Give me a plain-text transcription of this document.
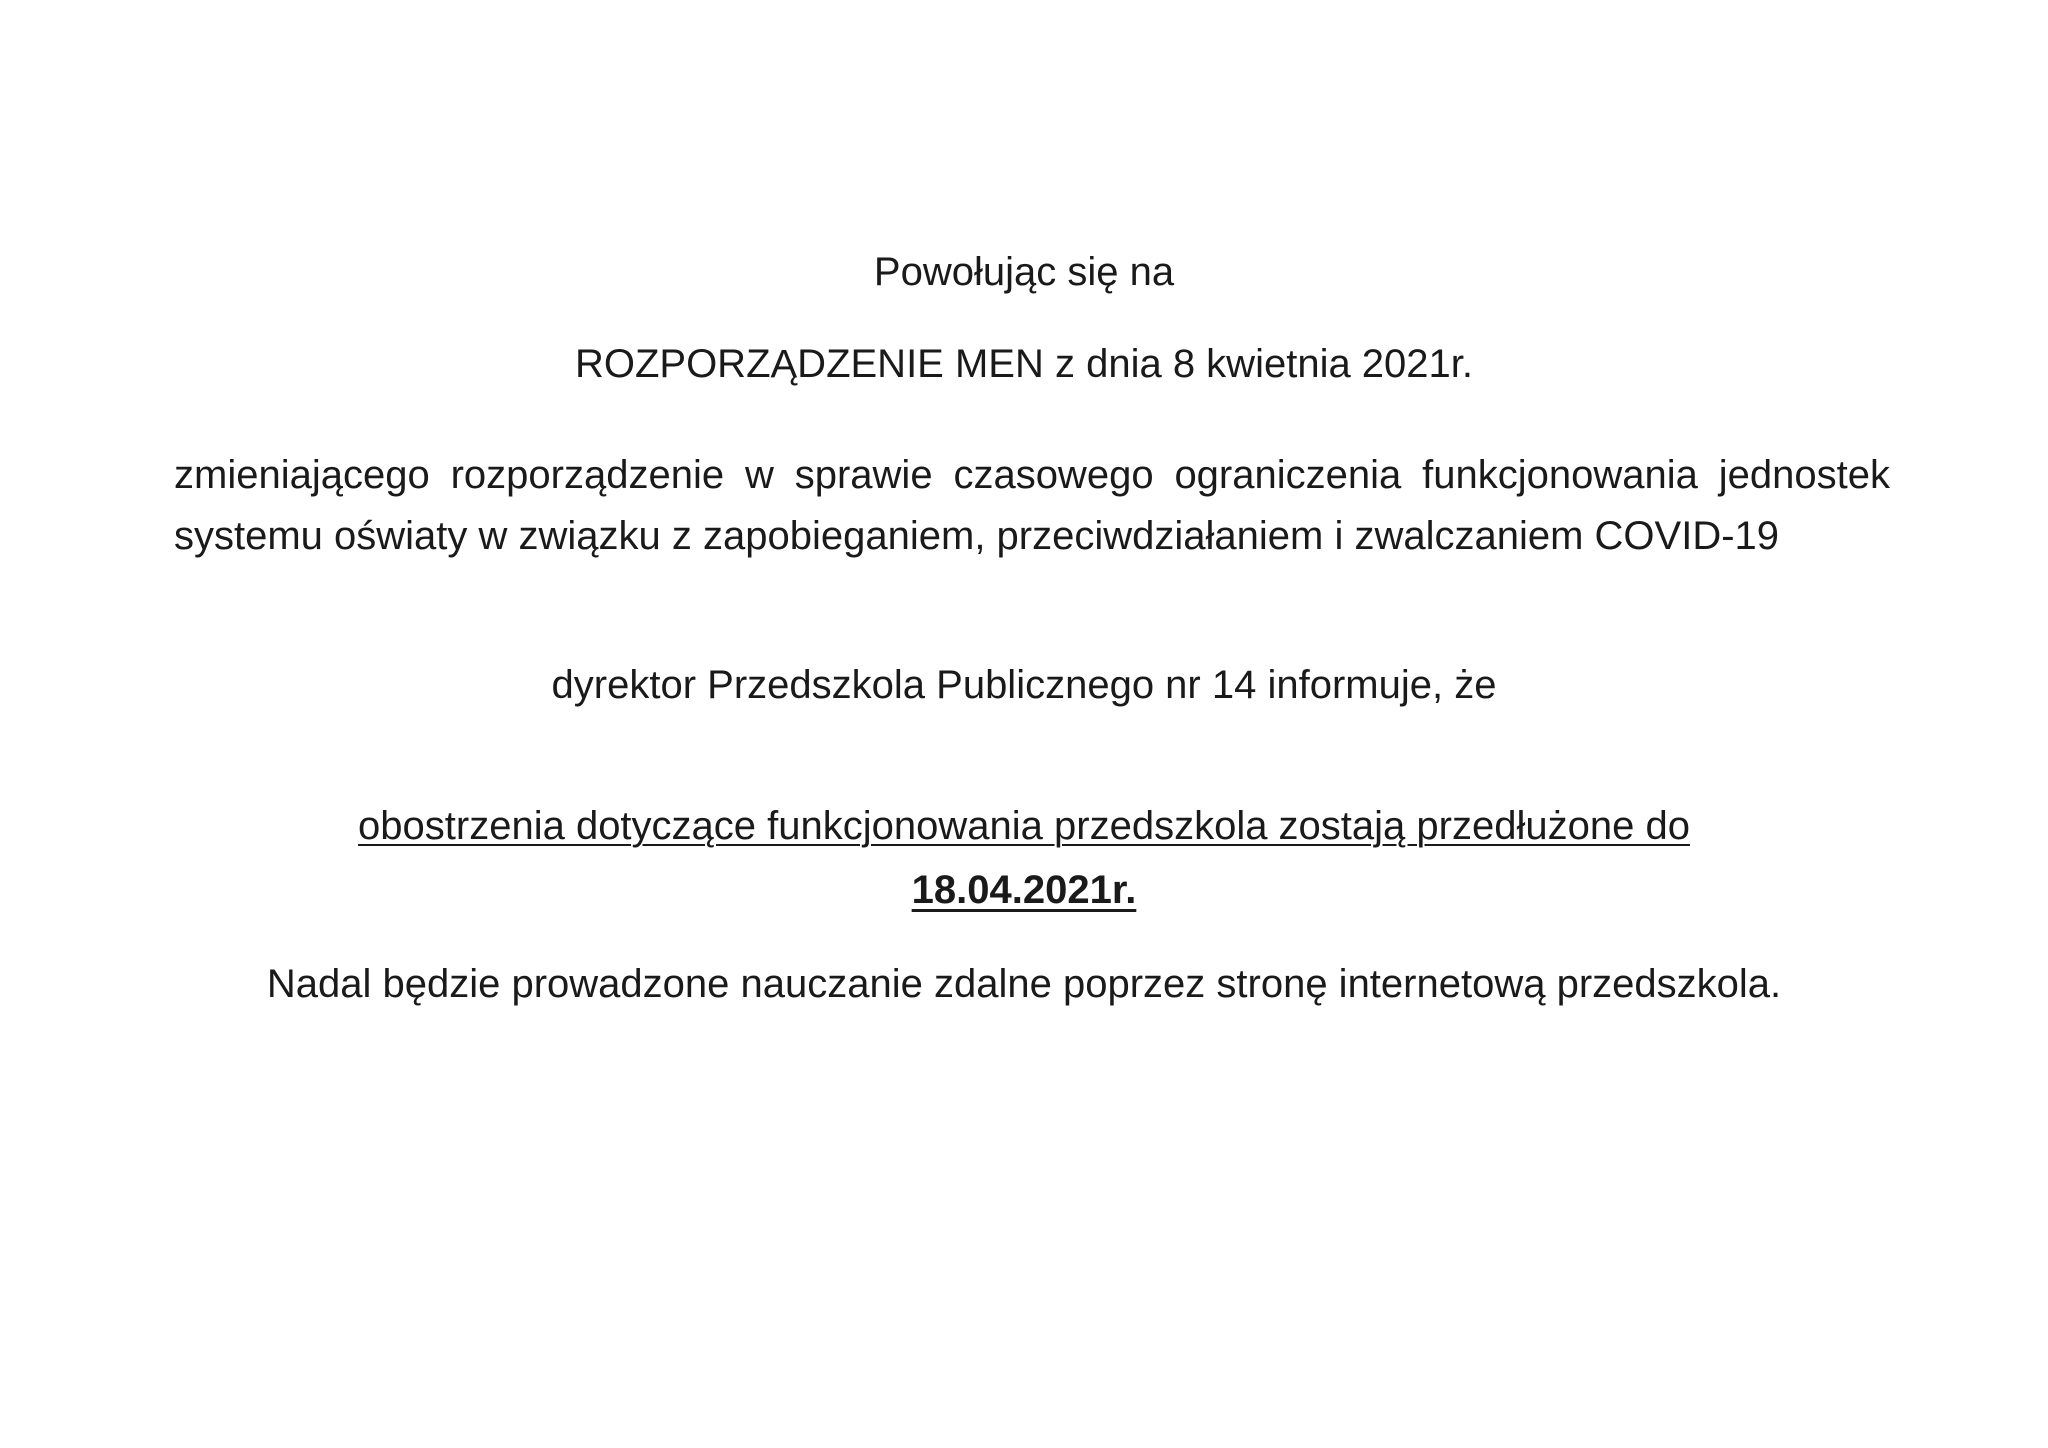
Powołując się na
ROZPORZĄDZENIE MEN z dnia 8 kwietnia 2021r.
zmieniającego rozporządzenie w sprawie czasowego ograniczenia funkcjonowania jednostek systemu oświaty w związku z zapobieganiem, przeciwdziałaniem i zwalczaniem COVID-19
dyrektor Przedszkola Publicznego nr 14 informuje, że
obostrzenia dotyczące funkcjonowania przedszkola zostają przedłużone do
18.04.2021r.
Nadal będzie prowadzone nauczanie zdalne poprzez stronę internetową przedszkola.
